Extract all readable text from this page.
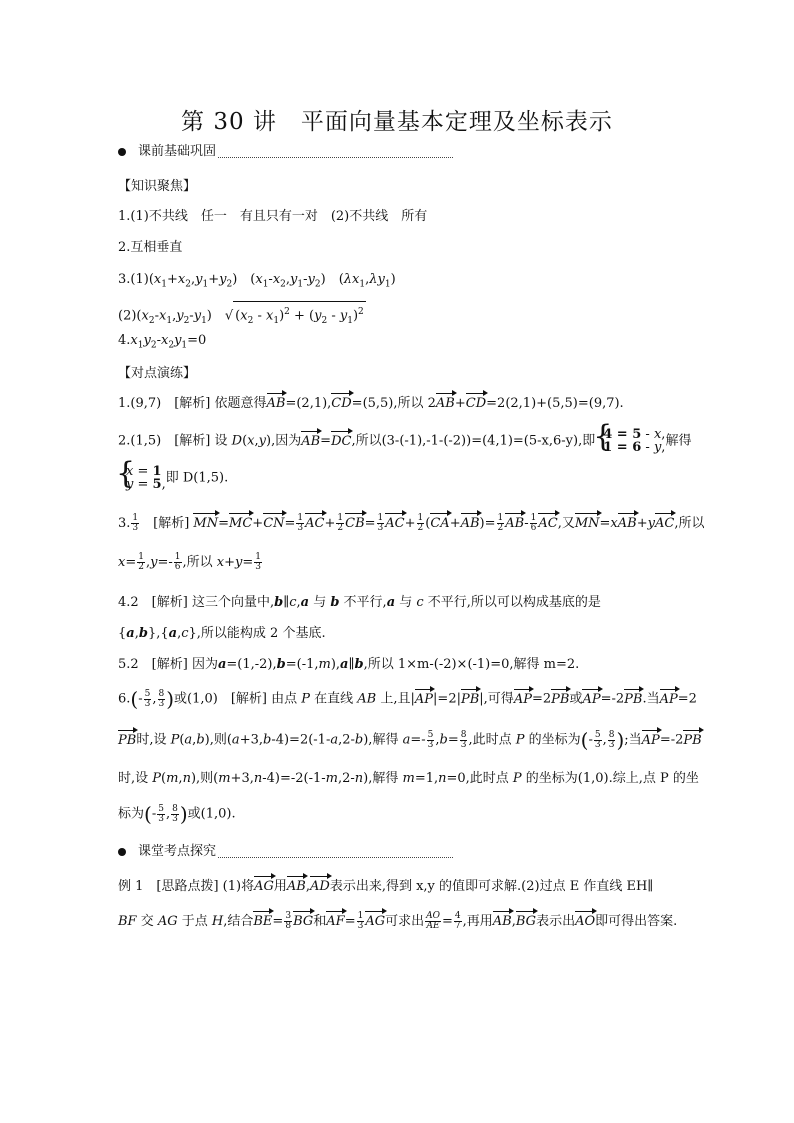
第 30 讲　平面向量基本定理及坐标表示
课前基础巩固
【知识聚焦】
1.(1)不共线　任一　有且只有一对　(2)不共线　所有
2.互相垂直
$3.(1)(x_1+x_2,y_1+y_2)$　$(x_1-x_2,y_1-y_2)$　$(\lambda x_1,\lambda y_1)$
$(2)(x_2-x_1,y_2-y_1)$　√ $(x_2 - x_1)^2 + (y_2 - y_1)^2$
$4.x_1y_2-x_2y_1=0$
【对点演练】
1.(9,7)　[解析] 依题意得AB=(2,1),CD=(5,5),所以 2AB+CD=2(2,1)+(5,5)=(9,7).
2.(1,5)　[解析] 设 D(x,y),因为AB=DC,所以(3-(-1),-1-(-2))=(4,1)=(5-x,6-y),即{ 4 = 5 - x,
1 = 6 - y,解得
{ x = 1
y = 5,即 D(1,5).
3. $\frac{1}{3}$ 　[解析] $MN=MC+CN= \frac{1}{3} AC+ \frac{1}{2} CB= \frac{1}{3} AC+ \frac{1}{2} (CA+AB)= \frac{1}{2} AB- \frac{1}{6}$ AC,又MN=xAB+yAC,所以
$x= \frac{1}{2} ,y=- \frac{1}{6}$ ,所以 $x+y= \frac{1}{3}$
4.2　[解析] 这三个向量中,b∥c,a 与 b 不平行,a 与 c 不平行,所以可以构成基底的是
{a,b},{a,c},所以能构成 2 个基底.
5.2　[解析] 因为a=(1,-2),b=(-1,m),a∥b,所以 1×m-(-2)×(-1)=0,解得 m=2.
$6.(- \frac{5}{3}$ , $\frac{8}{3}$ )或(1,0)　[解析] 由点 P 在直线 AB 上,且|AP|=2|PB|,可得AP=2PB或AP=-2PB.当AP=2
PB时,设 P(a,b),则(a+3,b-4)=2(-1-a,2-b),解得 $a=- \frac{5}{3} ,b= \frac{8}{3}$ ,此时点 P 的坐标为(- $\frac{5}{3}$ , $\frac{8}{3}$ );当AP=-2PB
时,设 P(m,n),则(m+3,n-4)=-2(-1-m,2-n),解得 m=1,n=0,此时点 P 的坐标为(1,0).综上,点 P 的坐
标为(- $\frac{5}{3}$ , $\frac{8}{3}$ )或(1,0).
课堂考点探究
例 1　[思路点拨] (1)将AG用AB,AD表示出来,得到 x,y 的值即可求解.(2)过点 E 作直线 EH∥
BF 交 AG 于点 H,结合$BE= \frac{3}{8}$ BG和$AF= \frac{1}{3}$ AG可求出 $\frac{AO}{AE} = \frac{4}{7}$ ,再用AB,BG表示出AO即可得出答案.
